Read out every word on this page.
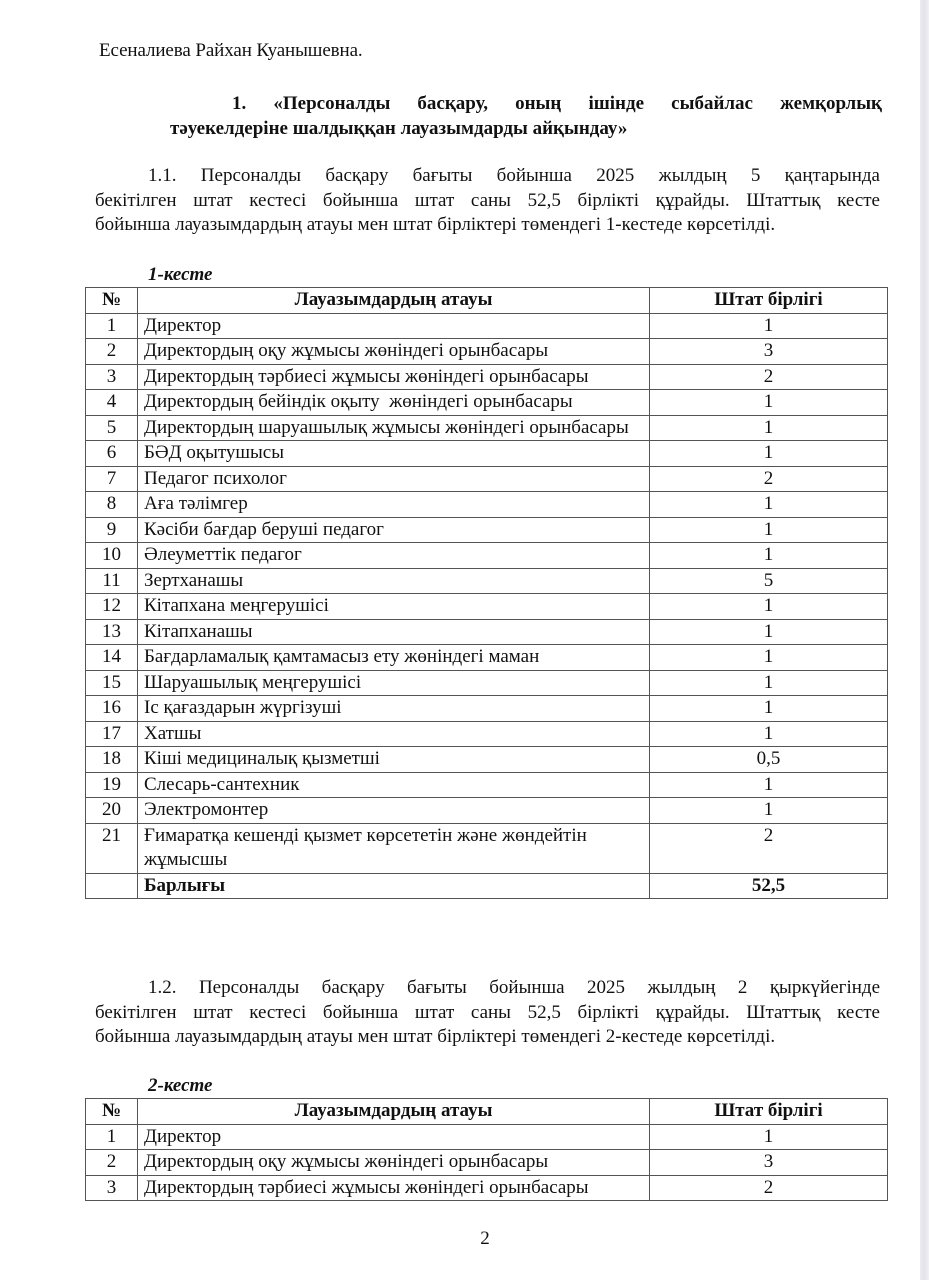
Есеналиева Райхан Куанышевна.
1. «Персоналды басқару, оның ішінде сыбайлас жемқорлық
тәуекелдеріне шалдыққан лауазымдарды айқындау»
1.1. Персоналды басқару бағыты бойынша 2025 жылдың 5 қаңтарында
бекітілген штат кестесі бойынша штат саны 52,5 бірлікті құрайды. Штаттық кесте
бойынша лауазымдардың атауы мен штат бірліктері төмендегі 1-кестеде көрсетілді.
1-кесте
№	Лауазымдардың атауы	Штат бірлігі
1	Директор	1
2	Директордың оқу жұмысы жөніндегі орынбасары	3
3	Директордың тәрбиесі жұмысы жөніндегі орынбасары	2
4	Директордың бейіндік оқыту  жөніндегі орынбасары	1
5	Директордың шаруашылық жұмысы жөніндегі орынбасары	1
6	БӘД оқытушысы	1
7	Педагог психолог	2
8	Аға тәлімгер	1
9	Кәсіби бағдар беруші педагог	1
10	Әлеуметтік педагог	1
11	Зертханашы	5
12	Кітапхана меңгерушісі	1
13	Кітапханашы	1
14	Бағдарламалық қамтамасыз ету жөніндегі маман	1
15	Шаруашылық меңгерушісі	1
16	Іс қағаздарын жүргізуші	1
17	Хатшы	1
18	Кіші медициналық қызметші	0,5
19	Слесарь-сантехник	1
20	Электромонтер	1
21	Ғимаратқа кешенді қызмет көрсететін және жөндейтін жұмысшы	2
	Барлығы	52,5
1.2. Персоналды басқару бағыты бойынша 2025 жылдың 2 қыркүйегінде
бекітілген штат кестесі бойынша штат саны 52,5 бірлікті құрайды. Штаттық кесте
бойынша лауазымдардың атауы мен штат бірліктері төмендегі 2-кестеде көрсетілді.
2-кесте
№	Лауазымдардың атауы	Штат бірлігі
1	Директор	1
2	Директордың оқу жұмысы жөніндегі орынбасары	3
3	Директордың тәрбиесі жұмысы жөніндегі орынбасары	2
2
